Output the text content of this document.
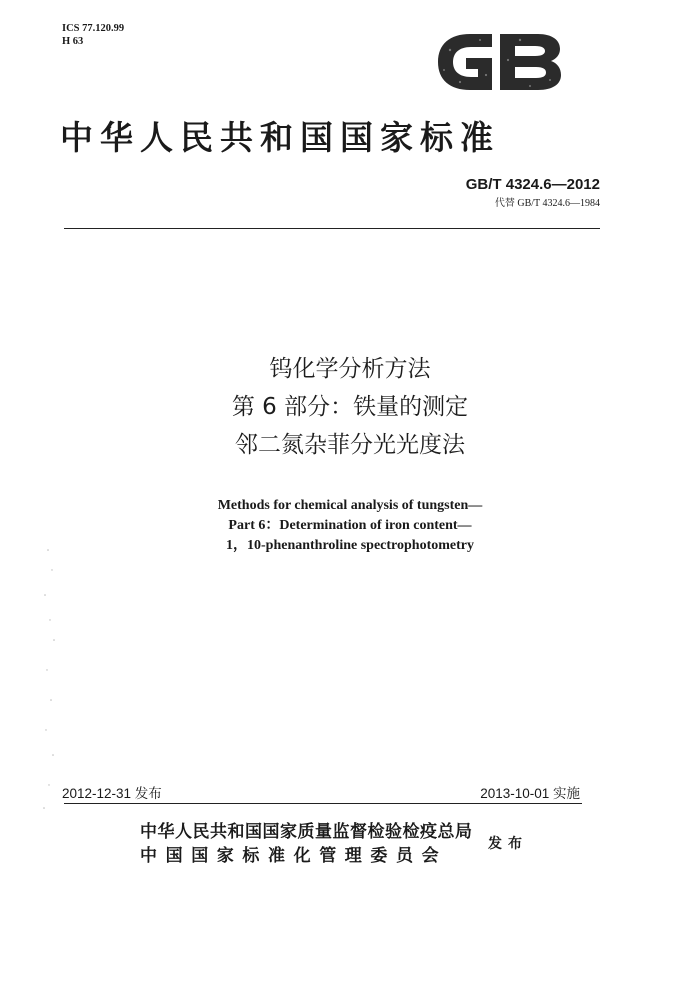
ICS 77.120.99
H 63
中华人民共和国国家标准
GB/T 4324.6—2012
代替 GB/T 4324.6—1984
钨化学分析方法
第 6 部分：铁量的测定
邻二氮杂菲分光光度法
Methods for chemical analysis of tungsten—
Part 6：Determination of iron content—
1，10-phenanthroline spectrophotometry
2012-12-31 发布	2013-10-01 实施
中华人民共和国国家质量监督检验检疫总局
中国国家标准化管理委员会
发布
